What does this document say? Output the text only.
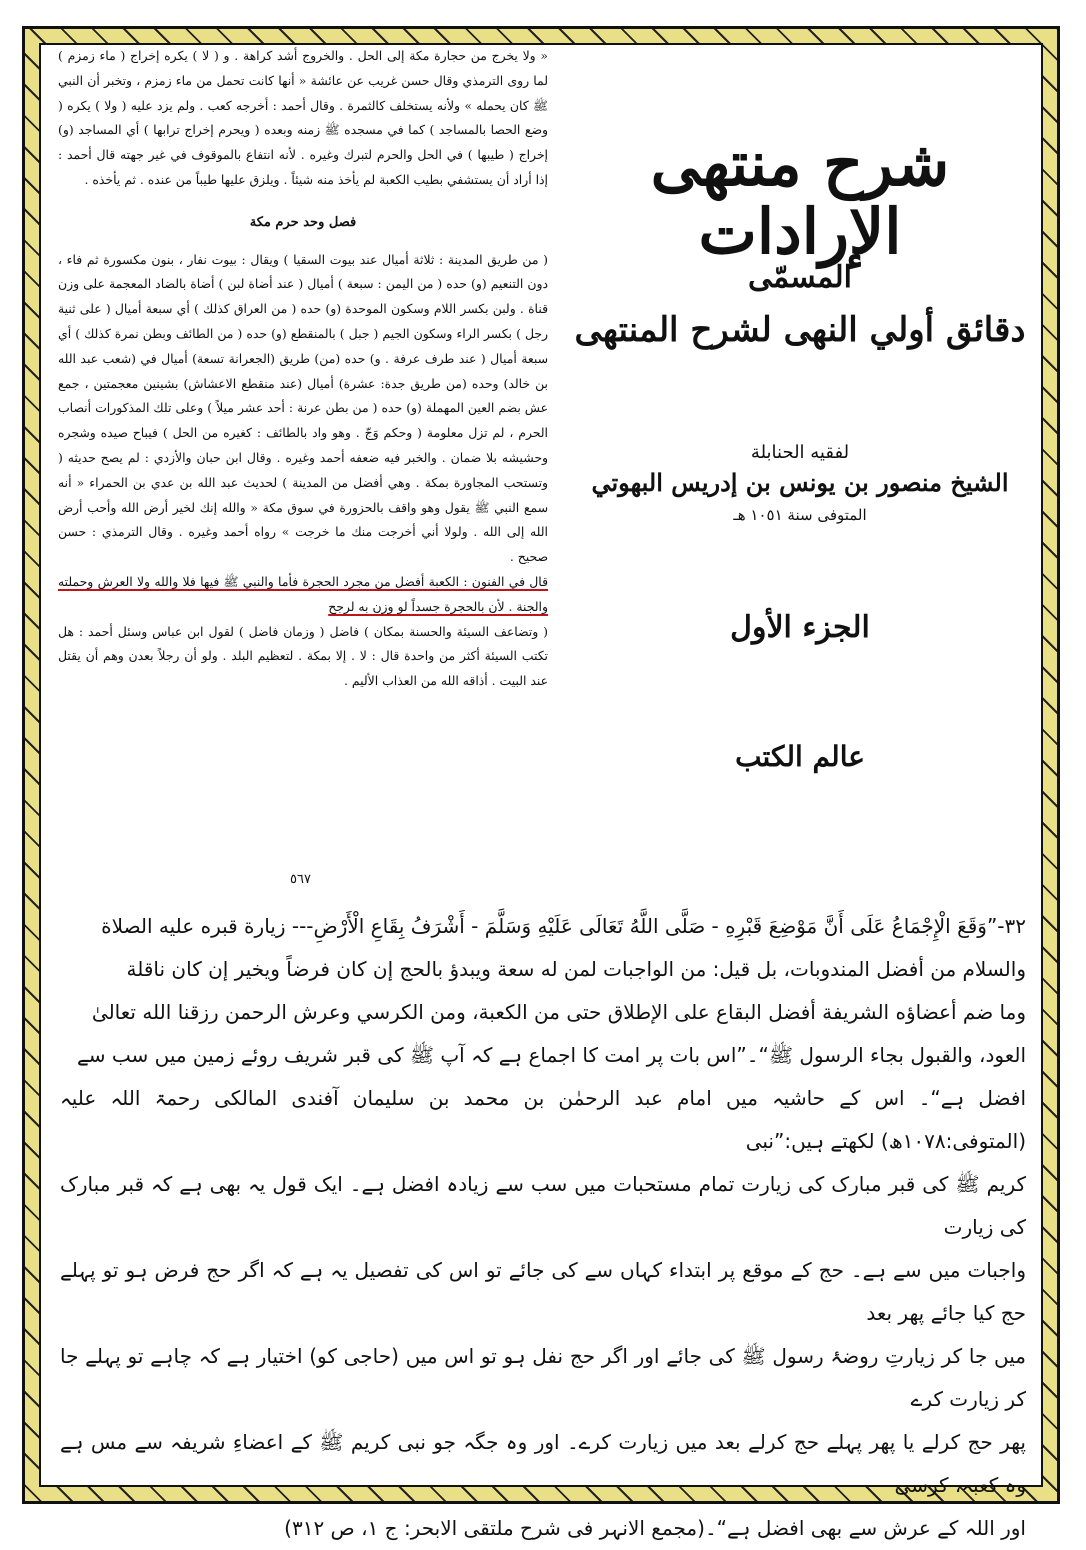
« ولا يخرج من حجارة مكة إلى الحل . والخروج أشد كراهة . و ( لا ) يكره إخراج ( ماء زمزم ) لما روى الترمذي وقال حسن غريب عن عائشة « أنها كانت تحمل من ماء زمزم ، وتخبر أن النبي ﷺ كان يحمله » ولأنه يستخلف كالثمرة . وقال أحمد : أخرجه كعب . ولم يزد عليه ( ولا ) يكره ( وضع الحصا بالمساجد ) كما في مسجده ﷺ زمنه وبعده ( ويحرم إخراج ترابها ) أي المساجد (و) إخراج ( طيبها ) في الحل والحرم لتبرك وغيره . لأنه انتفاع بالموقوف في غير جهته قال أحمد : إذا أراد أن يستشفي بطيب الكعبة لم يأخذ منه شيئاً . ويلزق عليها طيباً من عنده . ثم يأخذه .

فصل وحد حرم مكة

( من طريق المدينة : ثلاثة أميال عند بيوت السقيا ) ويقال : بيوت نفار ، بنون مكسورة ثم فاء ، دون التنعيم (و) حده ( من اليمن : سبعة ) أميال ( عند أضاة لبن ) أضاة بالضاد المعجمة على وزن قناة . ولبن بكسر اللام وسكون الموحدة (و) حده ( من العراق كذلك ) أي سبعة أميال ( على ثنية رجل ) بكسر الراء وسكون الجيم ( جبل ) بالمنقطع (و) حده ( من الطائف وبطن نمرة كذلك ) أي سبعة أميال ( عند طرف عرفة . و) حده (من) طريق (الجعرانة تسعة) أميال في (شعب عبد الله بن خالد) وحده (من طريق جدة: عشرة) أميال (عند منقطع الاعشاش) بشينين معجمتين ، جمع عش بضم العين المهملة (و) حده ( من بطن عرنة : أحد عشر ميلاً ) وعلى تلك المذكورات أنصاب الحرم ، لم تزل معلومة ( وحكم وَجّ . وهو واد بالطائف : كغيره من الحل ) فيباح صيده وشجره وحشيشه بلا ضمان . والخبر فيه ضعفه أحمد وغيره . وقال ابن حبان والأزدي : لم يصح حديثه ( وتستحب المجاورة بمكة . وهي أفضل من المدينة ) لحديث عبد الله بن عدي بن الحمراء « أنه سمع النبي ﷺ يقول وهو واقف بالحزورة في سوق مكة « والله إنك لخير أرض الله وأحب أرض الله إلى الله . ولولا أني أخرجت منك ما خرجت » رواه أحمد وغيره . وقال الترمذي : حسن صحيح .

قال في الفنون : الكعبة أفضل من مجرد الحجرة فأما والنبي ﷺ فيها فلا والله ولا العرش وحملته والجنة . لأن بالحجرة جسداً لو وزن به لرجح

( وتضاعف السيئة والحسنة بمكان ) فاضل ( وزمان فاضل ) لقول ابن عباس وسئل أحمد : هل تكتب السيئة أكثر من واحدة قال : لا . إلا بمكة . لتعظيم البلد . ولو أن رجلاً بعدن وهم أن يقتل عند البيت . أذاقه الله من العذاب الأليم .

٥٦٧
شرح منتهى الإرادات
المسمّى
دقائق أولي النهى لشرح المنتهى
لفقيه الحنابلة
الشيخ منصور بن يونس بن إدريس البهوتي
المتوفى سنة ١٠٥١ هـ
الجزء الأول
عالم الكتب

۳۲-”وَقَعَ الْإِجْمَاعُ عَلَى أَنَّ مَوْضِعَ قَبْرِهِ - صَلَّى اللَّهُ تَعَالَى عَلَيْهِ وَسَلَّمَ - أَشْرَفُ بِقَاعِ الْأَرْضِ--- زيارة قبره عليه الصلاة

والسلام من أفضل المندوبات، بل قيل: من الواجبات لمن له سعة ويبدؤ بالحج إن كان فرضاً ويخير إن كان ناقلة

وما ضم أعضاؤه الشريفة أفضل البقاع على الإطلاق حتى من الكعبة، ومن الكرسي وعرش الرحمن رزقنا الله تعالیٰ

العود، والقبول بجاء الرسول ﷺ“۔”اس بات پر امت کا اجماع ہے کہ آپ ﷺ کی قبر شریف روئے زمین میں سب سے

افضل ہے“۔ اس کے حاشیہ میں امام عبد الرحمٰن بن محمد بن سلیمان آفندی المالکی رحمۃ اللہ علیہ (المتوفی:۱۰۷۸ھ) لکھتے ہیں:”نبی

کریم ﷺ کی قبر مبارک کی زیارت تمام مستحبات میں سب سے زیادہ افضل ہے۔ ایک قول یہ بھی ہے کہ قبر مبارک کی زیارت

واجبات میں سے ہے۔ حج کے موقع پر ابتداء کہاں سے کی جائے تو اس کی تفصیل یہ ہے کہ اگر حج فرض ہو تو پہلے حج کیا جائے پھر بعد

میں جا کر زیارتِ روضۂ رسول ﷺ کی جائے اور اگر حج نفل ہو تو اس میں (حاجی کو) اختیار ہے کہ چاہے تو پہلے جا کر زیارت کرے

پھر حج کرلے یا پھر پہلے حج کرلے بعد میں زیارت کرے۔ اور وہ جگہ جو نبی کریم ﷺ کے اعضاءِ شریفہ سے مس ہے وہ کعبہ، کرسی

اور اللہ کے عرش سے بھی افضل ہے“۔(مجمع الانہر فی شرح ملتقی الابحر: ج ۱، ص ۳۱۲)
